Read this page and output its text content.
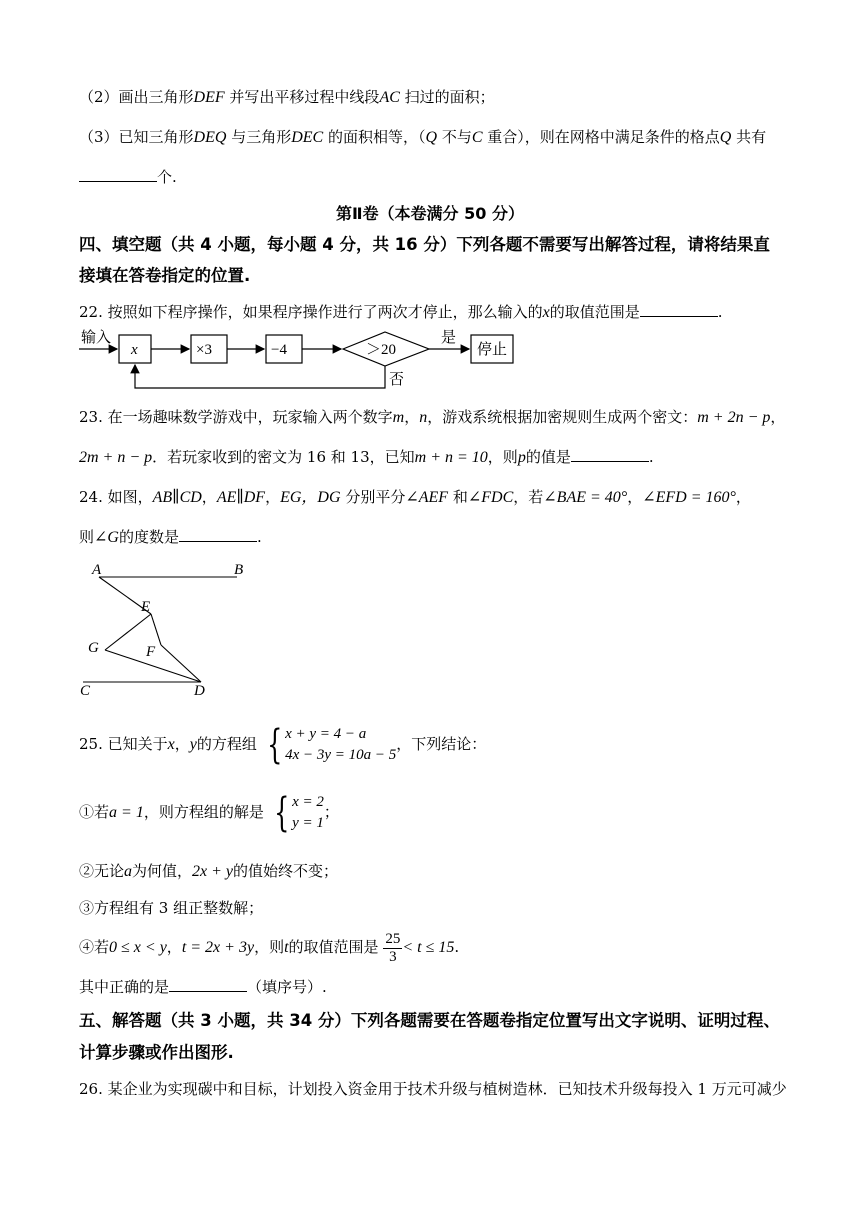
（2）画出三角形DEF 并写出平移过程中线段AC 扫过的面积；
（3）已知三角形DEQ 与三角形DEC 的面积相等，（Q 不与C 重合），则在网格中满足条件的格点Q 共有
个.
第Ⅱ卷（本卷满分 50 分）
四、填空题（共 4 小题，每小题 4 分，共 16 分）下列各题不需要写出解答过程，请将结果直
接填在答卷指定的位置.
22. 按照如下程序操作，如果程序操作进行了两次才停止，那么输入的x的取值范围是	.
输入
x	×3	−4	＞20
是
停止
否
23. 在一场趣味数学游戏中，玩家输入两个数字m，n，游戏系统根据加密规则生成两个密文：m + 2n − p，
2m + n − p．若玩家收到的密文为 16 和 13，已知m + n = 10，则p的值是	.
24. 如图，AB∥CD，AE∥DF，EG，DG 分别平分∠AEF 和∠FDC，若∠BAE = 40°，∠EFD = 160°，
则∠G的度数是	.
A	B
E
G	F
C	D
25. 已知关于x，y的方程组 { x + y = 4 − a
4x − 3y = 10a − 5
，下列结论：
①若a = 1，则方程组的解是 { x = 2
y = 1
；
②无论a为何值，2x + y的值始终不变；
③方程组有 3 组正整数解；
④若0 ≤ x < y，t = 2x + 3y，则t的取值范围是 $\frac{25}{3} < t \le 15$.
其中正确的是	（填序号）.
五、解答题（共 3 小题，共 34 分）下列各题需要在答题卷指定位置写出文字说明、证明过程、
计算步骤或作出图形.
26. 某企业为实现碳中和目标，计划投入资金用于技术升级与植树造林．已知技术升级每投入 1 万元可减少
